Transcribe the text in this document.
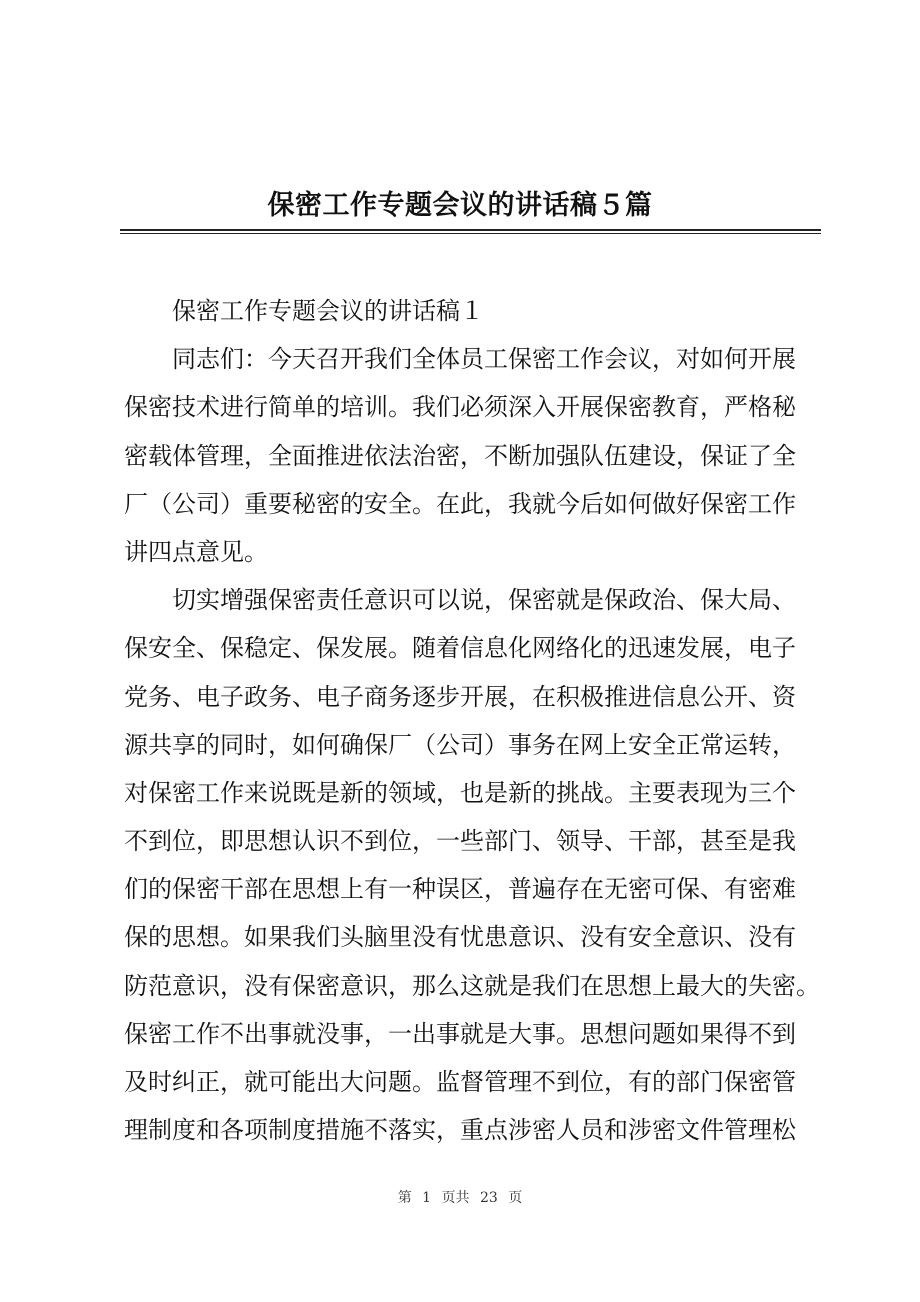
保密工作专题会议的讲话稿５篇
保密工作专题会议的讲话稿１
同志们：今天召开我们全体员工保密工作会议，对如何开展
保密技术进行简单的培训。我们必须深入开展保密教育，严格秘
密载体管理，全面推进依法治密，不断加强队伍建设，保证了全
厂（公司）重要秘密的安全。在此，我就今后如何做好保密工作
讲四点意见。
切实增强保密责任意识可以说，保密就是保政治、保大局、
保安全、保稳定、保发展。随着信息化网络化的迅速发展，电子
党务、电子政务、电子商务逐步开展，在积极推进信息公开、资
源共享的同时，如何确保厂（公司）事务在网上安全正常运转，
对保密工作来说既是新的领域，也是新的挑战。主要表现为三个
不到位，即思想认识不到位，一些部门、领导、干部，甚至是我
们的保密干部在思想上有一种误区，普遍存在无密可保、有密难
保的思想。如果我们头脑里没有忧患意识、没有安全意识、没有
防范意识，没有保密意识，那么这就是我们在思想上最大的失密。
保密工作不出事就没事，一出事就是大事。思想问题如果得不到
及时纠正，就可能出大问题。监督管理不到位，有的部门保密管
理制度和各项制度措施不落实，重点涉密人员和涉密文件管理松
第 1 页共 23 页
